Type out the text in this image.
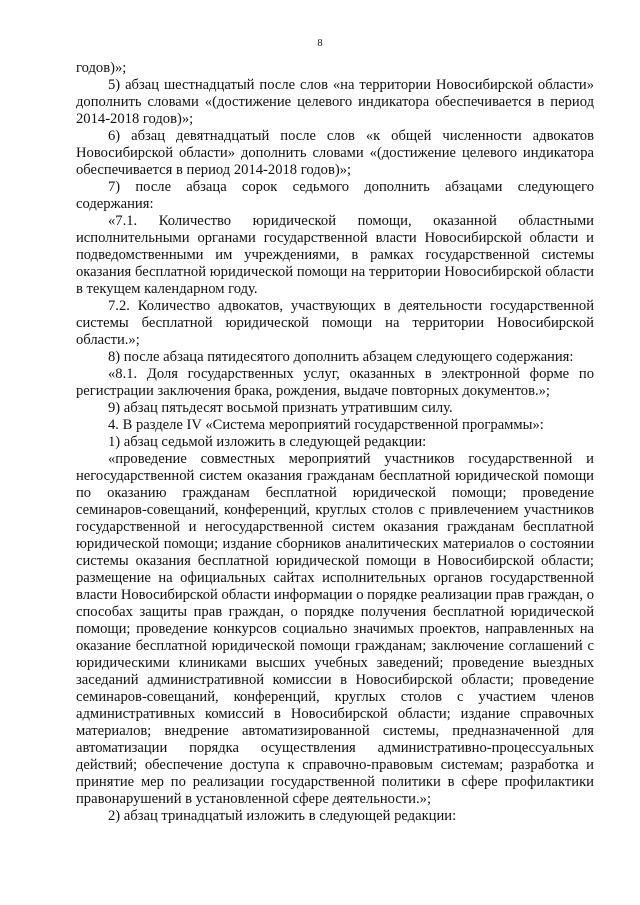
8

годов)»;

5) абзац шестнадцатый после слов «на территории Новосибирской области» дополнить словами «(достижение целевого индикатора обеспечивается в период 2014-2018 годов)»;

6) абзац девятнадцатый после слов «к общей численности адвокатов Новосибирской области» дополнить словами «(достижение целевого индикатора обеспечивается в период 2014-2018 годов)»;

7) после абзаца сорок седьмого дополнить абзацами следующего содержания:

«7.1. Количество юридической помощи, оказанной областными исполнительными органами государственной власти Новосибирской области и подведомственными им учреждениями, в рамках государственной системы оказания бесплатной юридической помощи на территории Новосибирской области в текущем календарном году.

7.2. Количество адвокатов, участвующих в деятельности государственной системы бесплатной юридической помощи на территории Новосибирской области.»;

8) после абзаца пятидесятого дополнить абзацем следующего содержания:

«8.1. Доля государственных услуг, оказанных в электронной форме по регистрации заключения брака, рождения, выдаче повторных документов.»;

9) абзац пятьдесят восьмой признать утратившим силу.

4. В разделе IV «Система мероприятий государственной программы»:

1) абзац седьмой изложить в следующей редакции:

«проведение совместных мероприятий участников государственной и негосударственной систем оказания гражданам бесплатной юридической помощи по оказанию гражданам бесплатной юридической помощи; проведение семинаров-совещаний, конференций, круглых столов с привлечением участников государственной и негосударственной систем оказания гражданам бесплатной юридической помощи; издание сборников аналитических материалов о состоянии системы оказания бесплатной юридической помощи в Новосибирской области; размещение на официальных сайтах исполнительных органов государственной власти Новосибирской области информации о порядке реализации прав граждан, о способах защиты прав граждан, о порядке получения бесплатной юридической помощи; проведение конкурсов социально значимых проектов, направленных на оказание бесплатной юридической помощи гражданам; заключение соглашений с юридическими клиниками высших учебных заведений; проведение выездных заседаний административной комиссии в Новосибирской области; проведение семинаров-совещаний, конференций, круглых столов с участием членов административных комиссий в Новосибирской области; издание справочных материалов; внедрение автоматизированной системы, предназначенной для автоматизации порядка осуществления административно-процессуальных действий; обеспечение доступа к справочно-правовым системам; разработка и принятие мер по реализации государственной политики в сфере профилактики правонарушений в установленной сфере деятельности.»;

2) абзац тринадцатый изложить в следующей редакции:
